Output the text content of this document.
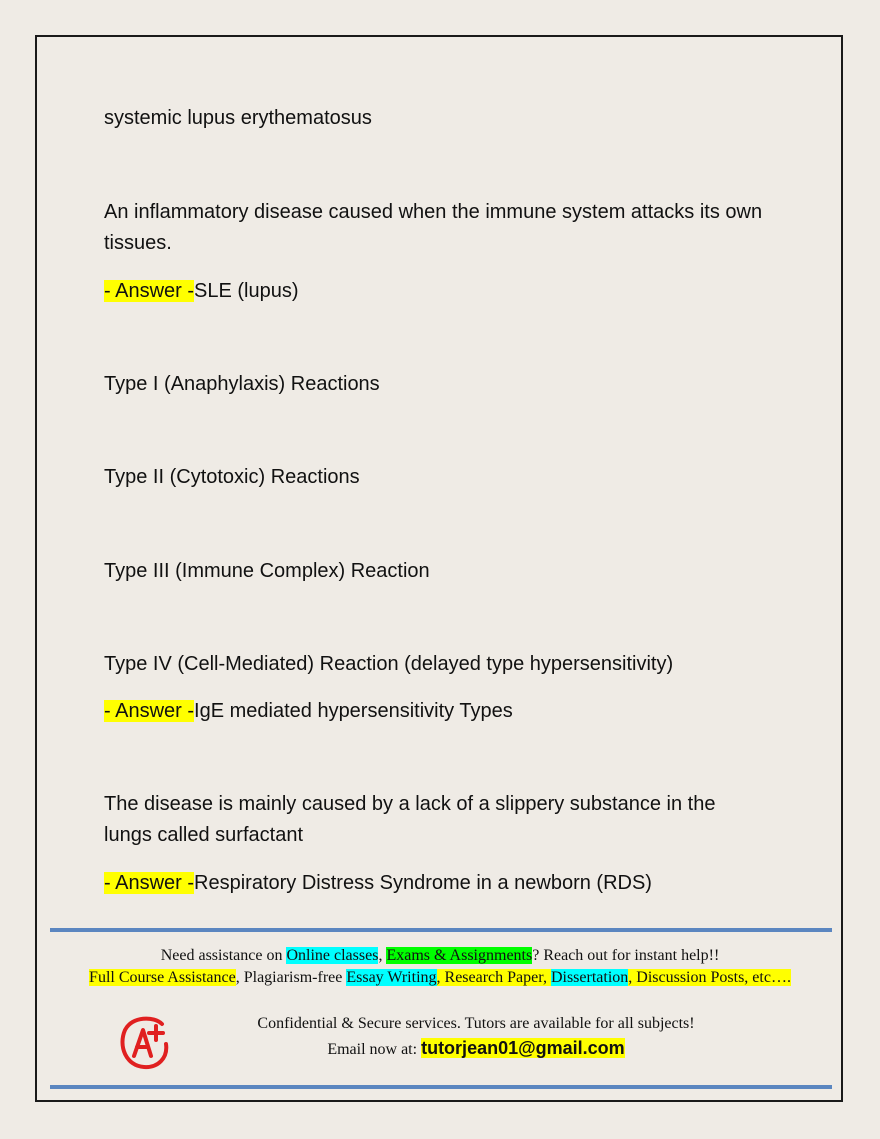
systemic lupus erythematosus
An inflammatory disease caused when the immune system attacks its own tissues.
- Answer -SLE (lupus)
Type I (Anaphylaxis) Reactions
Type II (Cytotoxic) Reactions
Type III (Immune Complex) Reaction
Type IV (Cell-Mediated) Reaction (delayed type hypersensitivity)
- Answer -IgE mediated hypersensitivity Types
The disease is mainly caused by a lack of a slippery substance in the lungs called surfactant
- Answer -Respiratory Distress Syndrome in a newborn (RDS)
Need assistance on Online classes, Exams & Assignments? Reach out for instant help!!
Full Course Assistance, Plagiarism-free Essay Writing, Research Paper, Dissertation, Discussion Posts, etc….
Confidential & Secure services. Tutors are available for all subjects!
Email now at: tutorjean01@gmail.com
